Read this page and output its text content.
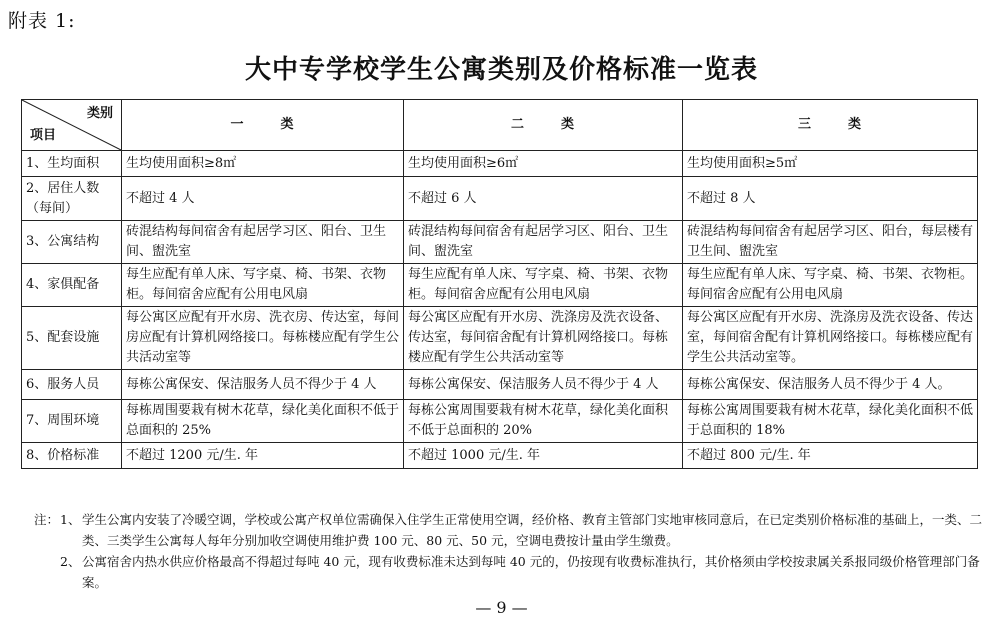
附表 1:
大中专学校学生公寓类别及价格标准一览表
类别
项目	一 类	二 类	三 类
1、生均面积	生均使用面积≥8㎡	生均使用面积≥6㎡	生均使用面积≥5㎡
2、居住人数（每间）	不超过 4 人	不超过 6 人	不超过 8 人
3、公寓结构	砖混结构每间宿舍有起居学习区、阳台、卫生间、盥洗室	砖混结构每间宿舍有起居学习区、阳台、卫生间、盥洗室	砖混结构每间宿舍有起居学习区、阳台，每层楼有卫生间、盥洗室
4、家俱配备	每生应配有单人床、写字桌、椅、书架、衣物柜。每间宿舍应配有公用电风扇	每生应配有单人床、写字桌、椅、书架、衣物柜。每间宿舍应配有公用电风扇	每生应配有单人床、写字桌、椅、书架、衣物柜。每间宿舍应配有公用电风扇
5、配套设施	每公寓区应配有开水房、洗衣房、传达室，每间房应配有计算机网络接口。每栋楼应配有学生公共活动室等	每公寓区应配有开水房、洗涤房及洗衣设备、传达室，每间宿舍配有计算机网络接口。每栋楼应配有学生公共活动室等	每公寓区应配有开水房、洗涤房及洗衣设备、传达室，每间宿舍配有计算机网络接口。每栋楼应配有学生公共活动室等。
6、服务人员	每栋公寓保安、保洁服务人员不得少于 4 人	每栋公寓保安、保洁服务人员不得少于 4 人	每栋公寓保安、保洁服务人员不得少于 4 人。
7、周围环境	每栋周围要栽有树木花草，绿化美化面积不低于总面积的 25%	每栋公寓周围要栽有树木花草，绿化美化面积不低于总面积的 20%	每栋公寓周围要栽有树木花草，绿化美化面积不低于总面积的 18%
8、价格标准	不超过 1200 元/生. 年	不超过 1000 元/生. 年	不超过 800 元/生. 年
注： 1、 学生公寓内安装了冷暖空调，学校或公寓产权单位需确保入住学生正常使用空调，经价格、教育主管部门实地审核同意后，在已定类别价格标准的基础上，一类、二类、三类学生公寓每人每年分别加收空调使用维护费 100 元、80 元、50 元，空调电费按计量由学生缴费。
2、 公寓宿舍内热水供应价格最高不得超过每吨 40 元，现有收费标准未达到每吨 40 元的，仍按现有收费标准执行，其价格须由学校按隶属关系报同级价格管理部门备案。
— 9 —
